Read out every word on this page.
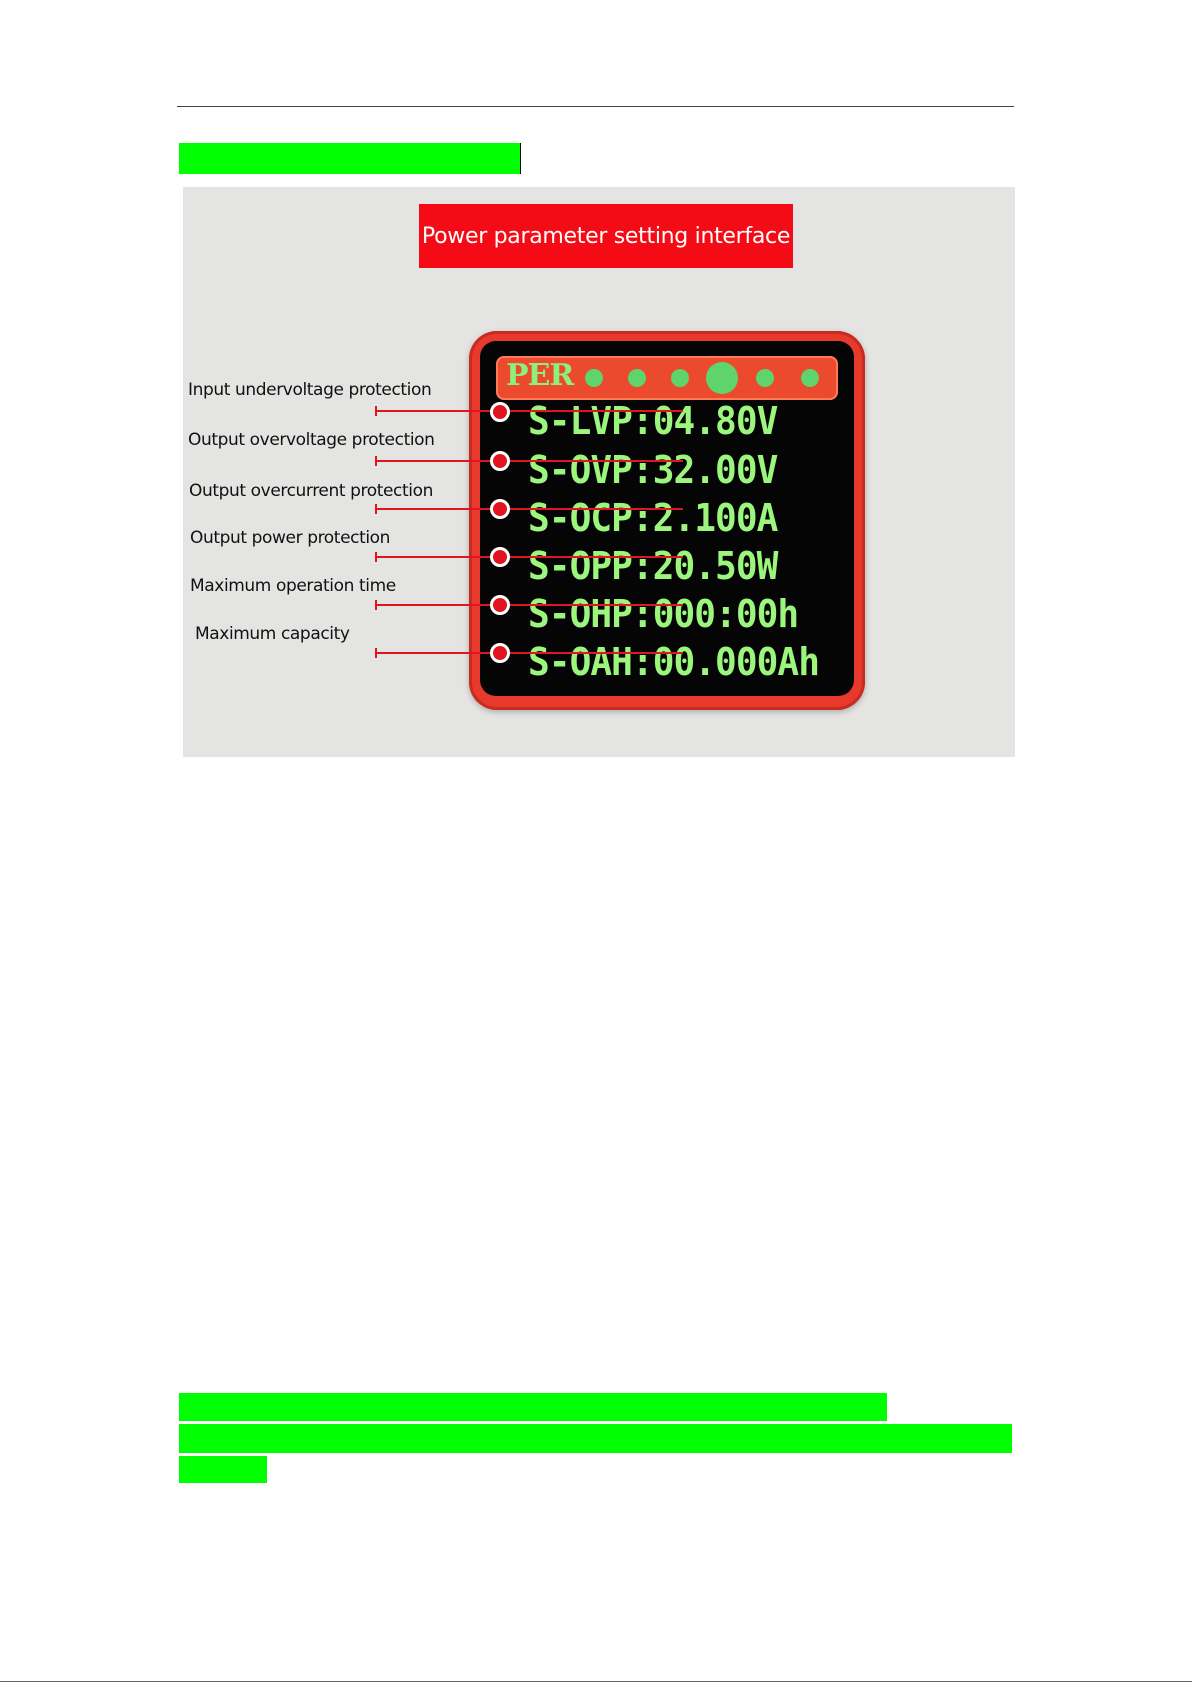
Power parameter setting interface
PER
S-LVP:04.80V
S-OVP:32.00V
S-OCP:2.100A
S-OPP:20.50W
S-OHP:000:00h
S-OAH:00.000Ah
Input undervoltage protection
Output overvoltage protection
Output overcurrent protection
Output power protection
Maximum operation time
Maximum capacity
